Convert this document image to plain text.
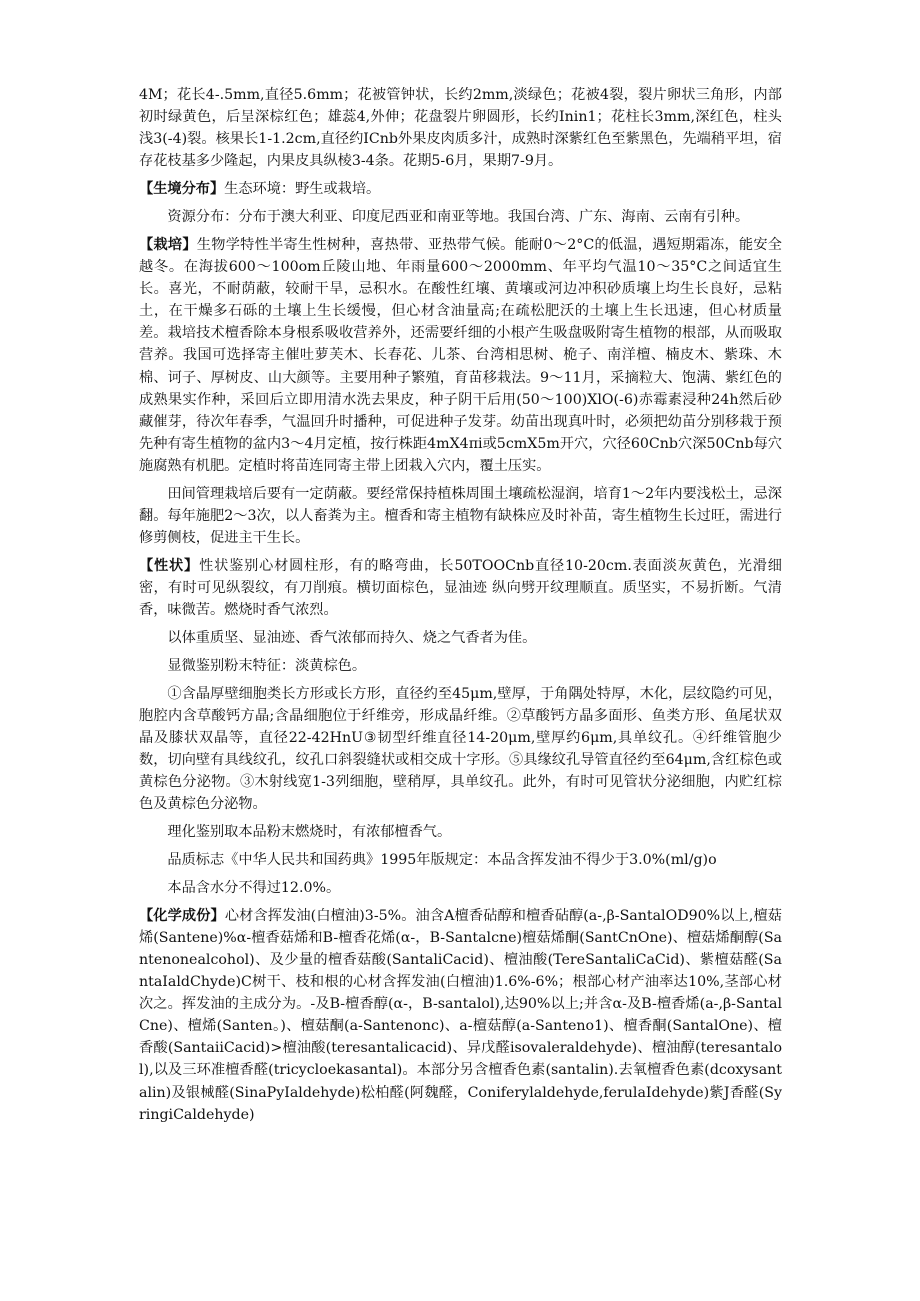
4M；花长4-.5mm,直径5.6mm；花被管钟状，长约2mm,淡绿色；花被4裂，裂片卵状三角形，内部初时绿黄色，后呈深棕红色；雄蕊4,外伸；花盘裂片卵圆形，长约Inin1；花柱长3mm,深红色，柱头浅3(-4)裂。核果长1-1.2cm,直径约ICnb外果皮肉质多汁，成熟时深紫红色至紫黑色，先端稍平坦，宿存花枝基多少隆起，内果皮具纵棱3-4条。花期5-6月，果期7-9月。

【生境分布】生态环境：野生或栽培。

资源分布：分布于澳大利亚、印度尼西亚和南亚等地。我国台湾、广东、海南、云南有引种。

【栽培】生物学特性半寄生性树种，喜热带、亚热带气候。能耐0～2°C的低温，遇短期霜冻，能安全越冬。在海拔600～100om丘陵山地、年雨量600～2000mm、年平均气温10～35°C之间适宜生长。喜光，不耐荫蔽，较耐干旱，忌积水。在酸性红壤、黄壤或河边冲积砂质壤上均生长良好，忌粘土，在干燥多石砾的土壤上生长缓慢，但心材含油量高;在疏松肥沃的土壤上生长迅速，但心材质量差。栽培技术檀香除本身根系吸收营养外，还需要纤细的小根产生吸盘吸附寄生植物的根部，从而吸取营养。我国可选择寄主催吐萝芙木、长春花、儿茶、台湾相思树、桅子、南洋檀、楠皮木、紫珠、木棉、诃子、厚树皮、山大颜等。主要用种子繁殖，育苗移栽法。9～11月，采摘粒大、饱满、紫红色的成熟果实作种，采回后立即用清水洗去果皮，种子阴干后用(50～100)XlO(-6)赤霉素浸种24h然后砂藏催芽，待次年春季，气温回升时播种，可促进种子发芽。幼苗出现真叶时，必须把幼苗分别移栽于预先种有寄生植物的盆内3～4月定植，按行株距4mX4πi或5cmX5m开穴，穴径60Cnb穴深50Cnb每穴施腐熟有机肥。定植时将苗连同寄主带上团栽入穴内，覆土压实。

田间管理栽培后要有一定荫蔽。要经常保持植株周围土壤疏松湿润，培育1～2年内要浅松土，忌深翻。每年施肥2～3次，以人畜粪为主。檀香和寄主植物有缺株应及时补苗，寄生植物生长过旺，需进行修剪侧枝，促进主干生长。

【性状】性状鉴别心材圆柱形，有的略弯曲，长50TOOCnb直径10-20cm.表面淡灰黄色，光滑细密，有时可见纵裂纹，有刀削痕。横切面棕色，显油迹 纵向劈开纹理顺直。质坚实，不易折断。气清香，味微苦。燃烧时香气浓烈。

以体重质坚、显油迹、香气浓郁而持久、烧之气香者为佳。

显微鉴别粉末特征：淡黄棕色。

①含晶厚壁细胞类长方形或长方形，直径约至45μm,壁厚，于角隅处特厚，木化，层纹隐约可见，胞腔内含草酸钙方晶;含晶细胞位于纤维旁，形成晶纤维。②草酸钙方晶多面形、鱼类方形、鱼尾状双晶及膝状双晶等，直径22-42HnU③韧型纤维直径14-20μm,壁厚约6μm,具单纹孔。④纤维管胞少数，切向壁有具线纹孔，纹孔口斜裂缝状或相交成十字形。⑤具缘纹孔导管直径约至64μm,含红棕色或黄棕色分泌物。③木射线宽1-3列细胞，壁稍厚，具单纹孔。此外，有时可见管状分泌细胞，内贮红棕色及黄棕色分泌物。

理化鉴别取本品粉末燃烧时，有浓郁檀香气。

品质标志《中华人民共和国药典》1995年版规定：本品含挥发油不得少于3.0%(ml∕g)o

本品含水分不得过12.0%。

【化学成份】心材含挥发油(白檀油)3-5%。油含A檀香砧醇和檀香砧醇(a-,β-SantalOD90%以上,檀菇烯(Santene)%α-檀香菇烯和B-檀香花烯(α-，B-Santalcne)檀菇烯酮(SantCnOne)、檀菇烯酮醇(Santenonealcohol)、及少量的檀香菇酸(SantaliCacid)、檀油酸(TereSantaliCaCid)、紫檀菇醛(SantaIaldChyde)C树干、枝和根的心材含挥发油(白檀油)1.6%-6%；根部心材产油率达10%,茎部心材次之。挥发油的主成分为。-及B-檀香醇(α-，B-santalol),达90%以上;并含α-及B-檀香烯(a-,β-SantalCne)、檀烯(Santen。)、檀菇酮(a-Santenonc)、a-檀菇醇(a-Santeno1)、檀香酮(SantalOne)、檀香酸(SantaiiCacid)>檀油酸(teresantalicacid)、异戊醛isovaleraldehyde)、檀油醇(teresantalol),以及三环准檀香醛(tricycloekasantal)。本部分另含檀香色素(santalin).去氧檀香色素(dcoxysantalin)及银械醛(SinaPyIaldehyde)松柏醛(阿魏醛，Coniferylaldehyde,ferulaIdehyde)紫J香醛(SyringiCaldehyde)
